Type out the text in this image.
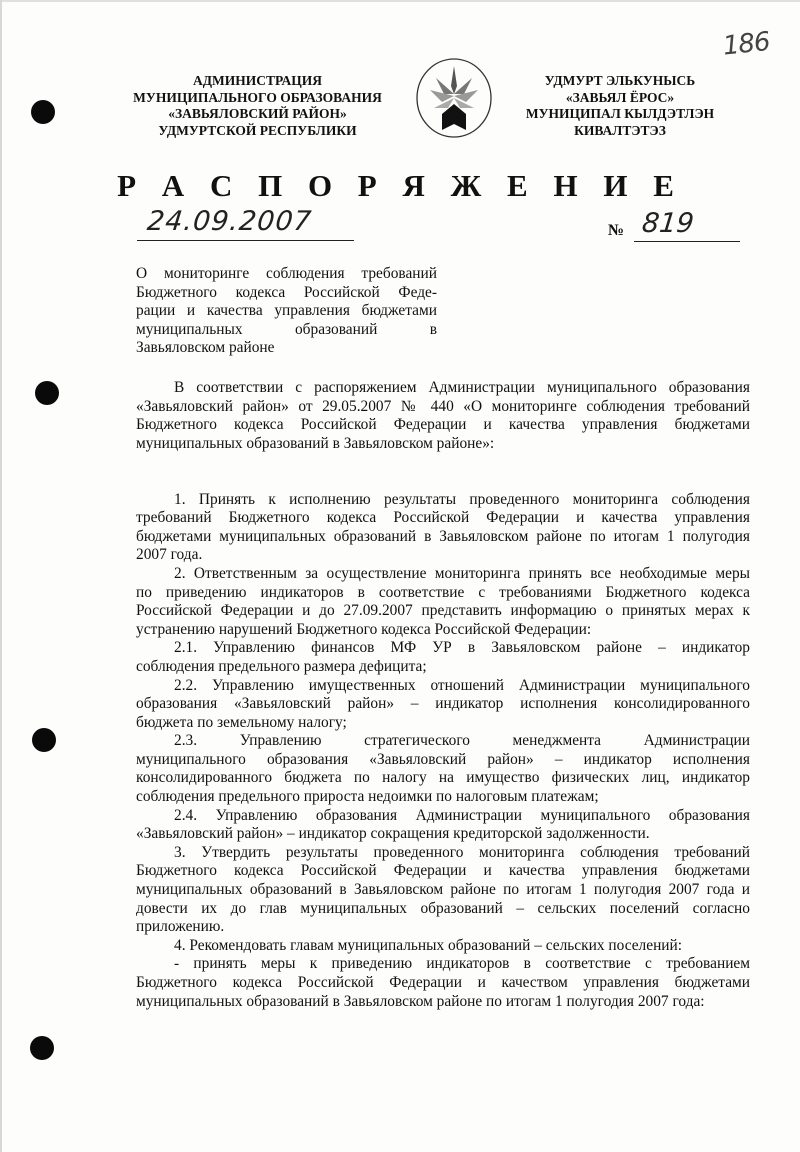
186
АДМИНИСТРАЦИЯ
МУНИЦИПАЛЬНОГО ОБРАЗОВАНИЯ
«ЗАВЬЯЛОВСКИЙ РАЙОН»
УДМУРТСКОЙ РЕСПУБЛИКИ
УДМУРТ ЭЛЬКУНЫСЬ
«ЗАВЬЯЛ ЁРОС»
МУНИЦИПАЛ КЫЛДЭТЛЭН
КИВАЛТЭТЭЗ
Р А С П О Р Я Ж Е Н И Е
24.09.2007	№ 819
О мониторинге соблюдения требований
Бюджетного кодекса Российской Феде-
рации и качества управления бюджетами
муниципальных образований в
Завьяловском районе
В соответствии с распоряжением Администрации муниципального образования
«Завьяловский район» от 29.05.2007 № 440 «О мониторинге соблюдения требований
Бюджетного кодекса Российской Федерации и качества управления бюджетами
муниципальных образований в Завьяловском районе»:
1. Принять к исполнению результаты проведенного мониторинга соблюдения
требований Бюджетного кодекса Российской Федерации и качества управления
бюджетами муниципальных образований в Завьяловском районе по итогам 1 полугодия
2007 года.
2. Ответственным за осуществление мониторинга принять все необходимые меры
по приведению индикаторов в соответствие с требованиями Бюджетного кодекса
Российской Федерации и до 27.09.2007 представить информацию о принятых мерах к
устранению нарушений Бюджетного кодекса Российской Федерации:
2.1. Управлению финансов МФ УР в Завьяловском районе – индикатор
соблюдения предельного размера дефицита;
2.2. Управлению имущественных отношений Администрации муниципального
образования «Завьяловский район» – индикатор исполнения консолидированного
бюджета по земельному налогу;
2.3. Управлению стратегического менеджмента Администрации
муниципального образования «Завьяловский район» – индикатор исполнения
консолидированного бюджета по налогу на имущество физических лиц, индикатор
соблюдения предельного прироста недоимки по налоговым платежам;
2.4. Управлению образования Администрации муниципального образования
«Завьяловский район» – индикатор сокращения кредиторской задолженности.
3. Утвердить результаты проведенного мониторинга соблюдения требований
Бюджетного кодекса Российской Федерации и качества управления бюджетами
муниципальных образований в Завьяловском районе по итогам 1 полугодия 2007 года и
довести их до глав муниципальных образований – сельских поселений согласно
приложению.
4. Рекомендовать главам муниципальных образований – сельских поселений:
- принять меры к приведению индикаторов в соответствие с требованием
Бюджетного кодекса Российской Федерации и качеством управления бюджетами
муниципальных образований в Завьяловском районе по итогам 1 полугодия 2007 года:
